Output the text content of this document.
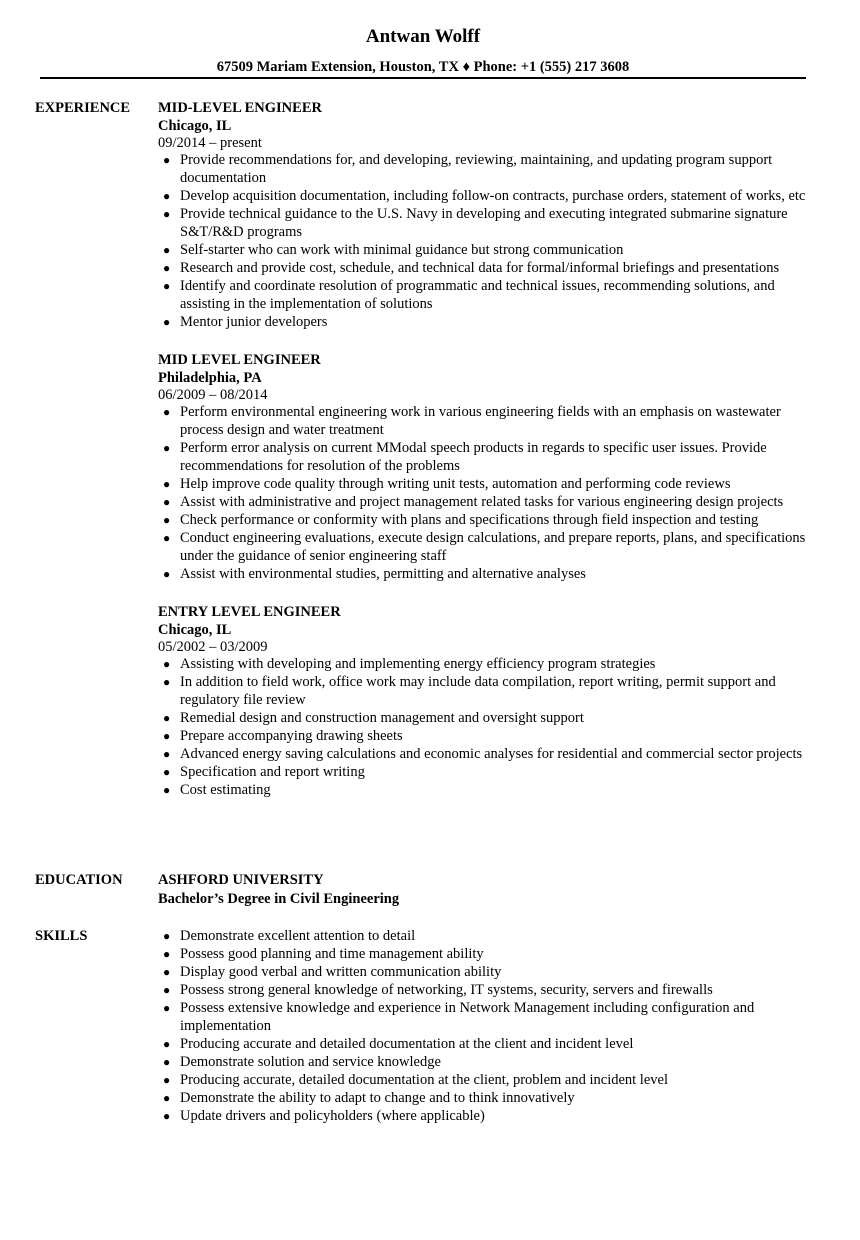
Antwan Wolff
67509 Mariam Extension, Houston, TX ♦ Phone: +1 (555) 217 3608
EXPERIENCE MID-LEVEL ENGINEER
Chicago, IL
09/2014 – present
● Provide recommendations for, and developing, reviewing, maintaining, and updating program support documentation
● Develop acquisition documentation, including follow-on contracts, purchase orders, statement of works, etc
● Provide technical guidance to the U.S. Navy in developing and executing integrated submarine signature S&T/R&D programs
● Self-starter who can work with minimal guidance but strong communication
● Research and provide cost, schedule, and technical data for formal/informal briefings and presentations
● Identify and coordinate resolution of programmatic and technical issues, recommending solutions, and assisting in the implementation of solutions
● Mentor junior developers
MID LEVEL ENGINEER
Philadelphia, PA
06/2009 – 08/2014
● Perform environmental engineering work in various engineering fields with an emphasis on wastewater process design and water treatment
● Perform error analysis on current MModal speech products in regards to specific user issues. Provide recommendations for resolution of the problems
● Help improve code quality through writing unit tests, automation and performing code reviews
● Assist with administrative and project management related tasks for various engineering design projects
● Check performance or conformity with plans and specifications through field inspection and testing
● Conduct engineering evaluations, execute design calculations, and prepare reports, plans, and specifications under the guidance of senior engineering staff
● Assist with environmental studies, permitting and alternative analyses
ENTRY LEVEL ENGINEER
Chicago, IL
05/2002 – 03/2009
● Assisting with developing and implementing energy efficiency program strategies
● In addition to field work, office work may include data compilation, report writing, permit support and regulatory file review
● Remedial design and construction management and oversight support
● Prepare accompanying drawing sheets
● Advanced energy saving calculations and economic analyses for residential and commercial sector projects
● Specification and report writing
● Cost estimating
EDUCATION ASHFORD UNIVERSITY
Bachelor’s Degree in Civil Engineering
SKILLS	● Demonstrate excellent attention to detail
● Possess good planning and time management ability
● Display good verbal and written communication ability
● Possess strong general knowledge of networking, IT systems, security, servers and firewalls
● Possess extensive knowledge and experience in Network Management including configuration and implementation
● Producing accurate and detailed documentation at the client and incident level
● Demonstrate solution and service knowledge
● Producing accurate, detailed documentation at the client, problem and incident level
● Demonstrate the ability to adapt to change and to think innovatively
● Update drivers and policyholders (where applicable)
